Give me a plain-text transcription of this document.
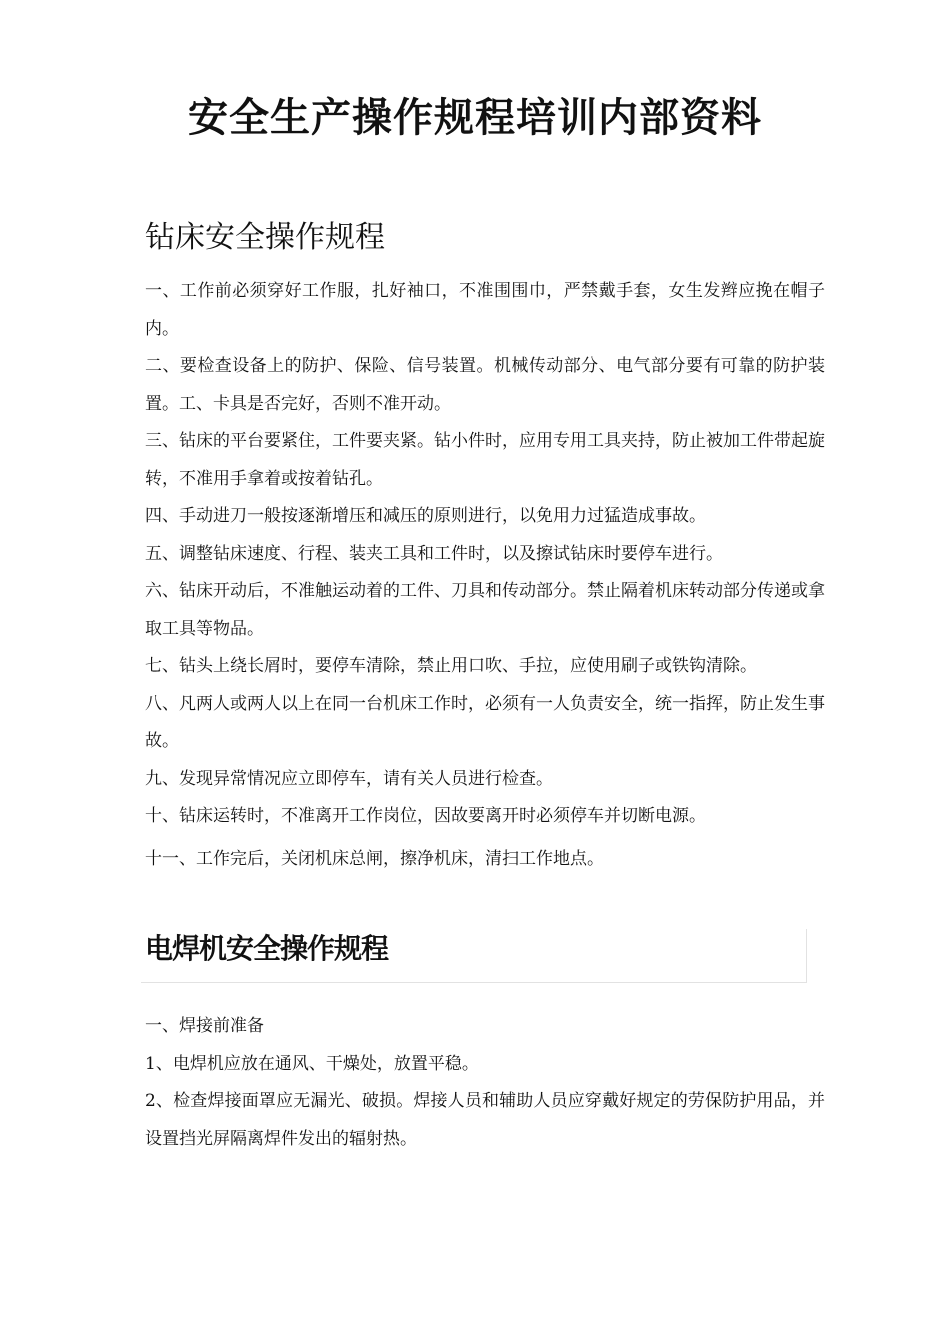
安全生产操作规程培训内部资料
钻床安全操作规程
一、工作前必须穿好工作服，扎好袖口，不准围围巾，严禁戴手套，女生发辫应挽在帽子内。
二、要检查设备上的防护、保险、信号装置。机械传动部分、电气部分要有可靠的防护装置。工、卡具是否完好，否则不准开动。
三、钻床的平台要紧住，工件要夹紧。钻小件时，应用专用工具夹持，防止被加工件带起旋转，不准用手拿着或按着钻孔。
四、手动进刀一般按逐渐增压和减压的原则进行，以免用力过猛造成事故。
五、调整钻床速度、行程、装夹工具和工件时，以及擦试钻床时要停车进行。
六、钻床开动后，不准触运动着的工件、刀具和传动部分。禁止隔着机床转动部分传递或拿取工具等物品。
七、钻头上绕长屑时，要停车清除，禁止用口吹、手拉，应使用刷子或铁钩清除。
八、凡两人或两人以上在同一台机床工作时，必须有一人负责安全，统一指挥，防止发生事故。
九、发现异常情况应立即停车，请有关人员进行检查。
十、钻床运转时，不准离开工作岗位，因故要离开时必须停车并切断电源。
十一、工作完后，关闭机床总闸，擦净机床，清扫工作地点。
电焊机安全操作规程
一、焊接前准备
1、电焊机应放在通风、干燥处，放置平稳。
2、检查焊接面罩应无漏光、破损。焊接人员和辅助人员应穿戴好规定的劳保防护用品，并设置挡光屏隔离焊件发出的辐射热。
